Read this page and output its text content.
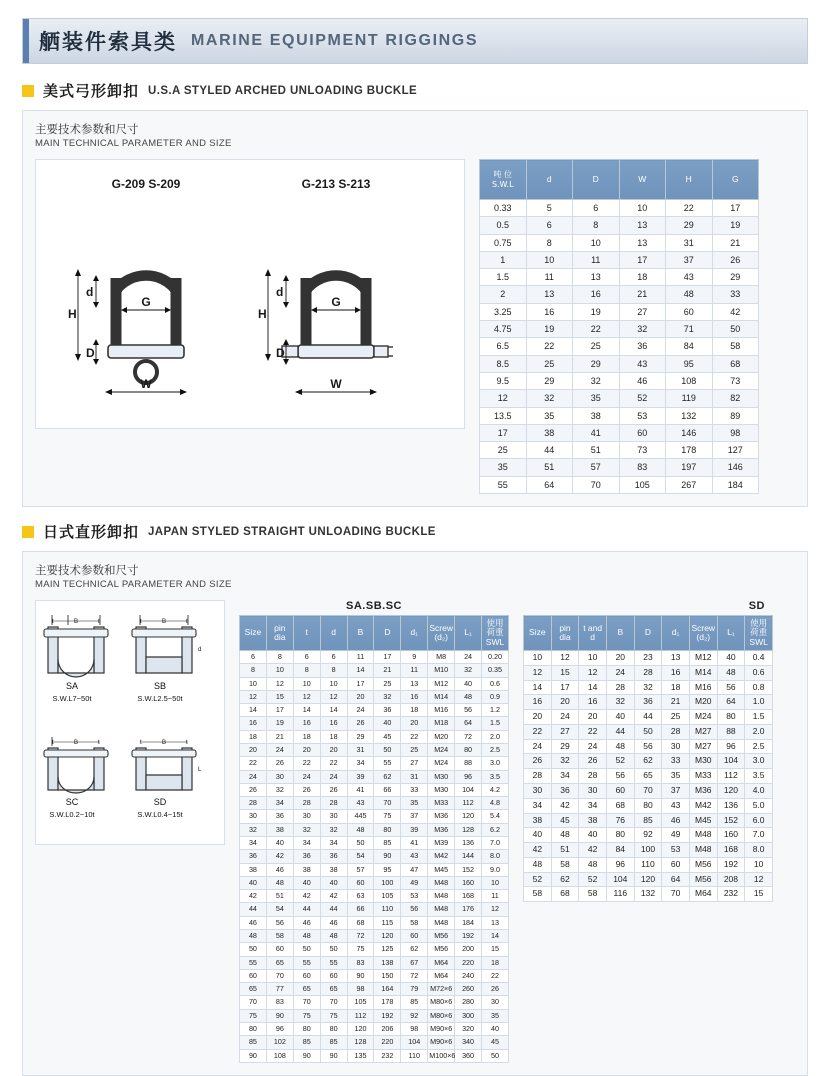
舾装件索具类 MARINE EQUIPMENT RIGGINGS
美式弓形卸扣 U.S.A STYLED ARCHED UNLOADING BUCKLE
主要技术参数和尺寸
MAIN TECHNICAL PARAMETER AND SIZE
G-209 S-209
d
G
H
D
W
G-213 S-213
d
G
H
D
W
吨 位
S.W.L	d	D	W	H	G
0.33	5	6	10	22	17
0.5	6	8	13	29	19
0.75	8	10	13	31	21
1	10	11	17	37	26
1.5	11	13	18	43	29
2	13	16	21	48	33
3.25	16	19	27	60	42
4.75	19	22	32	71	50
6.5	22	25	36	84	58
8.5	25	29	43	95	68
9.5	29	32	46	108	73
12	32	35	52	119	82
13.5	35	38	53	132	89
17	38	41	60	146	98
25	44	51	73	178	127
35	51	57	83	197	146
55	64	70	105	267	184
日式直形卸扣 JAPAN STYLED STRAIGHT UNLOADING BUCKLE
主要技术参数和尺寸
MAIN TECHNICAL PARAMETER AND SIZE
t	B	t
SA
S.W.L7~50t
t	B	t
d
SB
S.W.L2.5~50t
t	B	t
SC
S.W.L0.2~10t
t	B	t
L
SD
S.W.L0.4~15t
SA.SB.SC
Size	pin dia	t	d	B	D	d₁	Screw (d₂)	L₁	使用荷重 SWL
6	8	6	6	11	17	9	M8	24	0.20
8	10	8	8	14	21	11	M10	32	0.35
10	12	10	10	17	25	13	M12	40	0.6
12	15	12	12	20	32	16	M14	48	0.9
14	17	14	14	24	36	18	M16	56	1.2
16	19	16	16	26	40	20	M18	64	1.5
18	21	18	18	29	45	22	M20	72	2.0
20	24	20	20	31	50	25	M24	80	2.5
22	26	22	22	34	55	27	M24	88	3.0
24	30	24	24	39	62	31	M30	96	3.5
26	32	26	26	41	66	33	M30	104	4.2
28	34	28	28	43	70	35	M33	112	4.8
30	36	30	30	445	75	37	M36	120	5.4
32	38	32	32	48	80	39	M36	128	6.2
34	40	34	34	50	85	41	M39	136	7.0
36	42	36	36	54	90	43	M42	144	8.0
38	46	38	38	57	95	47	M45	152	9.0
40	48	40	40	60	100	49	M48	160	10
42	51	42	42	63	105	53	M48	168	11
44	54	44	44	66	110	56	M48	176	12
46	56	46	46	68	115	58	M48	184	13
48	58	48	48	72	120	60	M56	192	14
50	60	50	50	75	125	62	M56	200	15
55	65	55	55	83	138	67	M64	220	18
60	70	60	60	90	150	72	M64	240	22
65	77	65	65	98	164	79	M72×6	260	26
70	83	70	70	105	178	85	M80×6	280	30
75	90	75	75	112	192	92	M80×6	300	35
80	96	80	80	120	206	98	M90×6	320	40
85	102	85	85	128	220	104	M90×6	340	45
90	108	90	90	135	232	110	M100×6	360	50
SD
Size	pin dia	t and d	B	D	d₁	Screw (d₂)	L₁	使用荷重 SWL
10	12	10	20	23	13	M12	40	0.4
12	15	12	24	28	16	M14	48	0.6
14	17	14	28	32	18	M16	56	0.8
16	20	16	32	36	21	M20	64	1.0
20	24	20	40	44	25	M24	80	1.5
22	27	22	44	50	28	M27	88	2.0
24	29	24	48	56	30	M27	96	2.5
26	32	26	52	62	33	M30	104	3.0
28	34	28	56	65	35	M33	112	3.5
30	36	30	60	70	37	M36	120	4.0
34	42	34	68	80	43	M42	136	5.0
38	45	38	76	85	46	M45	152	6.0
40	48	40	80	92	49	M48	160	7.0
42	51	42	84	100	53	M48	168	8.0
48	58	48	96	110	60	M56	192	10
52	62	52	104	120	64	M56	208	12
58	68	58	116	132	70	M64	232	15
